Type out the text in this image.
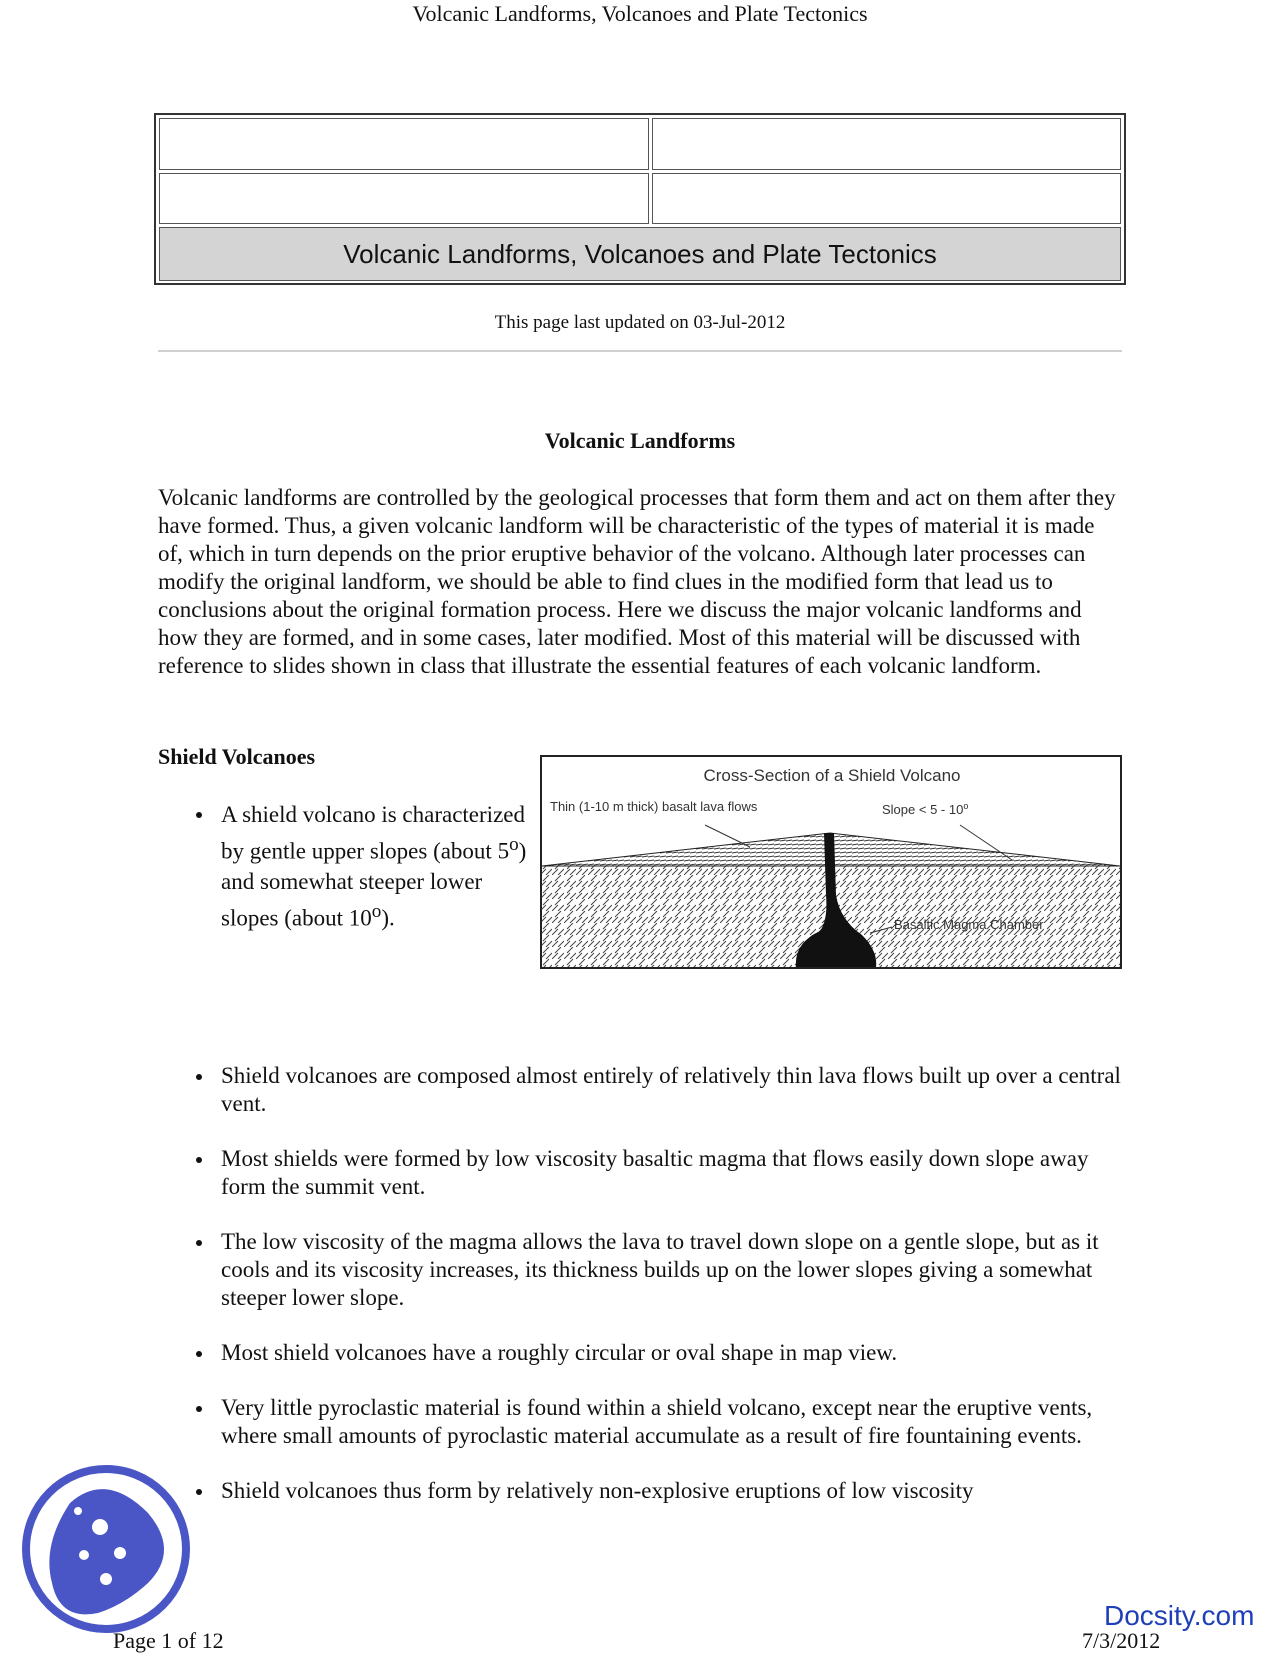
Volcanic Landforms, Volcanoes and Plate Tectonics
Volcanic Landforms, Volcanoes and Plate Tectonics
This page last updated on 03-Jul-2012
Volcanic Landforms

Volcanic landforms are controlled by the geological processes that form them and act on them after they have formed. Thus, a given volcanic landform will be characteristic of the types of material it is made of, which in turn depends on the prior eruptive behavior of the volcano. Although later processes can modify the original landform, we should be able to find clues in the modified form that lead us to conclusions about the original formation process. Here we discuss the major volcanic landforms and how they are formed, and in some cases, later modified. Most of this material will be discussed with reference to slides shown in class that illustrate the essential features of each volcanic landform.

Shield Volcanoes
A shield volcano is characterized by gentle upper slopes (about 5$^o$) and somewhat steeper lower slopes (about 10$^o$).
Cross-Section of a Shield Volcano
Thin (1-10 m thick) basalt lava flows	Slope < 5 - 10$^o$
Basaltic Magma Chamber
Shield volcanoes are composed almost entirely of relatively thin lava flows built up over a central vent.
Most shields were formed by low viscosity basaltic magma that flows easily down slope away form the summit vent.
The low viscosity of the magma allows the lava to travel down slope on a gentle slope, but as it cools and its viscosity increases, its thickness builds up on the lower slopes giving a somewhat steeper lower slope.
Most shield volcanoes have a roughly circular or oval shape in map view.
Very little pyroclastic material is found within a shield volcano, except near the eruptive vents, where small amounts of pyroclastic material accumulate as a result of fire fountaining events.
Shield volcanoes thus form by relatively non-explosive eruptions of low viscosity
Docsity.com
Page 1 of 12	7/3/2012
